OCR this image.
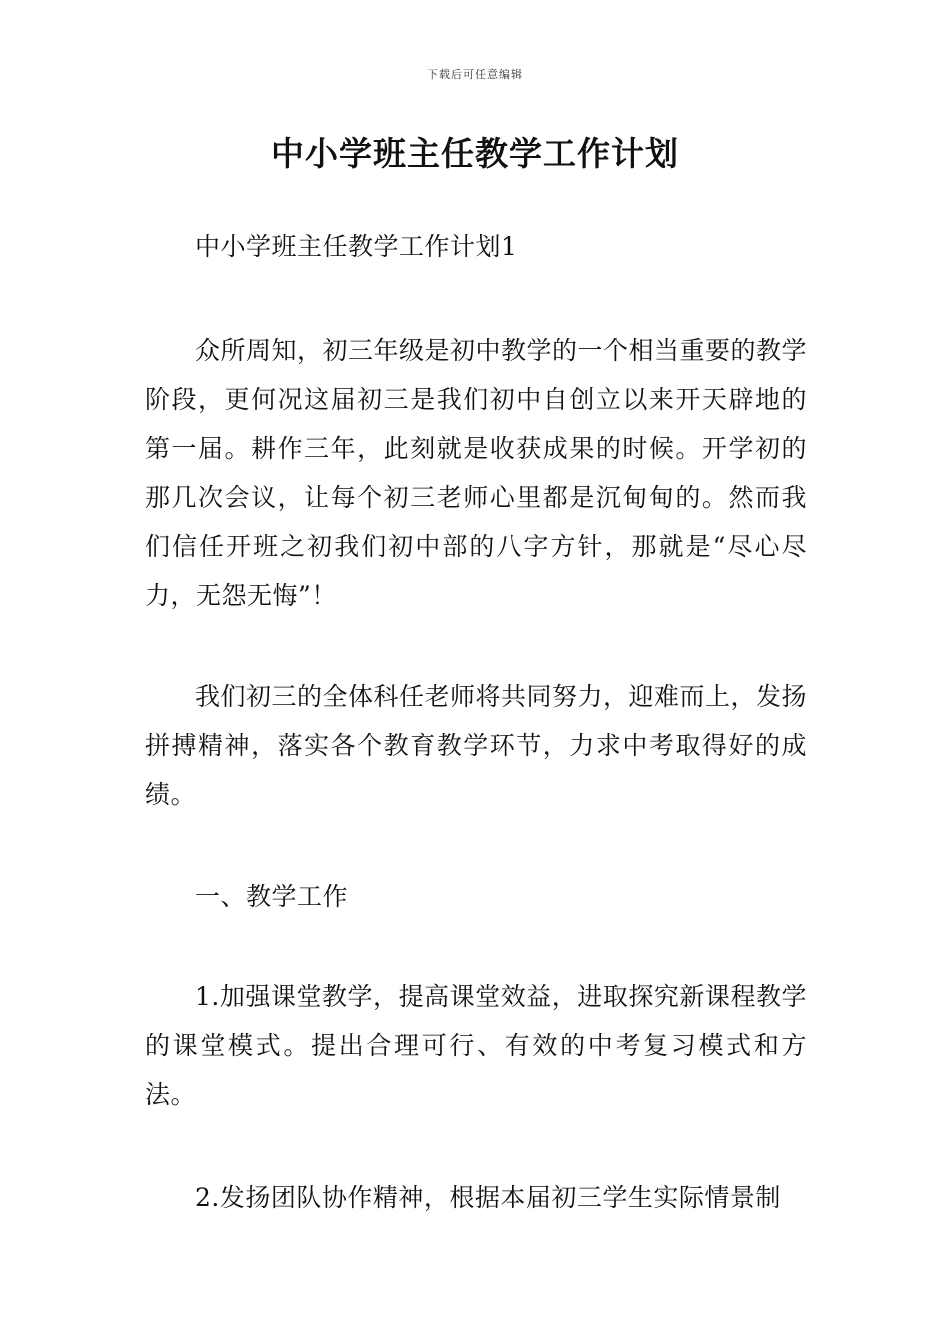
下载后可任意编辑
中小学班主任教学工作计划

中小学班主任教学工作计划1

众所周知，初三年级是初中教学的一个相当重要的教学阶段，更何况这届初三是我们初中自创立以来开天辟地的第一届。耕作三年，此刻就是收获成果的时候。开学初的那几次会议，让每个初三老师心里都是沉甸甸的。然而我们信任开班之初我们初中部的八字方针，那就是“尽心尽力，无怨无悔”！

我们初三的全体科任老师将共同努力，迎难而上，发扬拼搏精神，落实各个教育教学环节，力求中考取得好的成绩。

一、教学工作

1.加强课堂教学，提高课堂效益，进取探究新课程教学的课堂模式。提出合理可行、有效的中考复习模式和方法。

2.发扬团队协作精神，根据本届初三学生实际情景制
